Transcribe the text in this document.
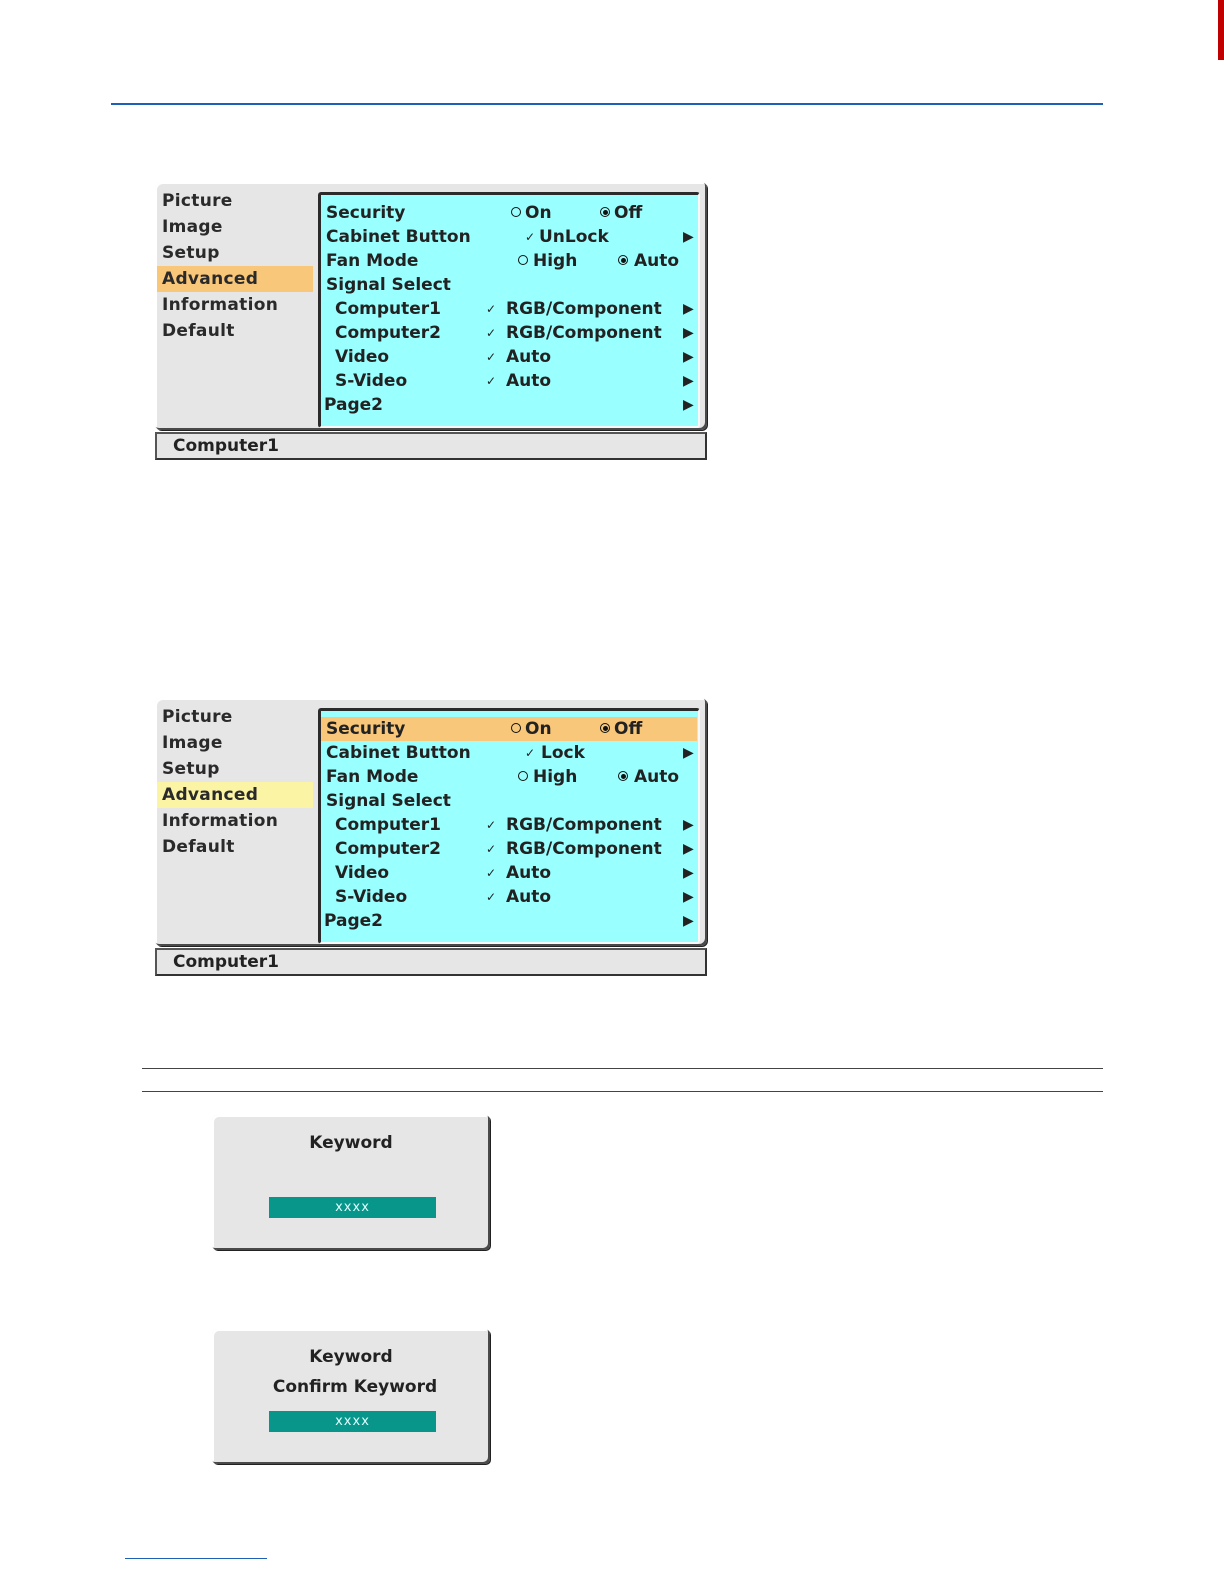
Picture
Image
Setup
Advanced
Information
Default
Security	On	Off
Cabinet Button	✓ UnLock	▶
Fan Mode	High	Auto
Signal Select
Computer1	✓ RGB/Component ▶
Computer2	✓ RGB/Component ▶
Video	✓ Auto	▶
S-Video	✓ Auto	▶
Page2	▶
Computer1
Picture
Image
Setup
Advanced
Information
Default
Security	On	Off
Cabinet Button	✓ Lock	▶
Fan Mode	High	Auto
Signal Select
Computer1	✓ RGB/Component ▶
Computer2	✓ RGB/Component ▶
Video	✓ Auto	▶
S-Video	✓ Auto	▶
Page2	▶
Computer1
Keyword
xxxx
Keyword
Confirm Keyword
xxxx
